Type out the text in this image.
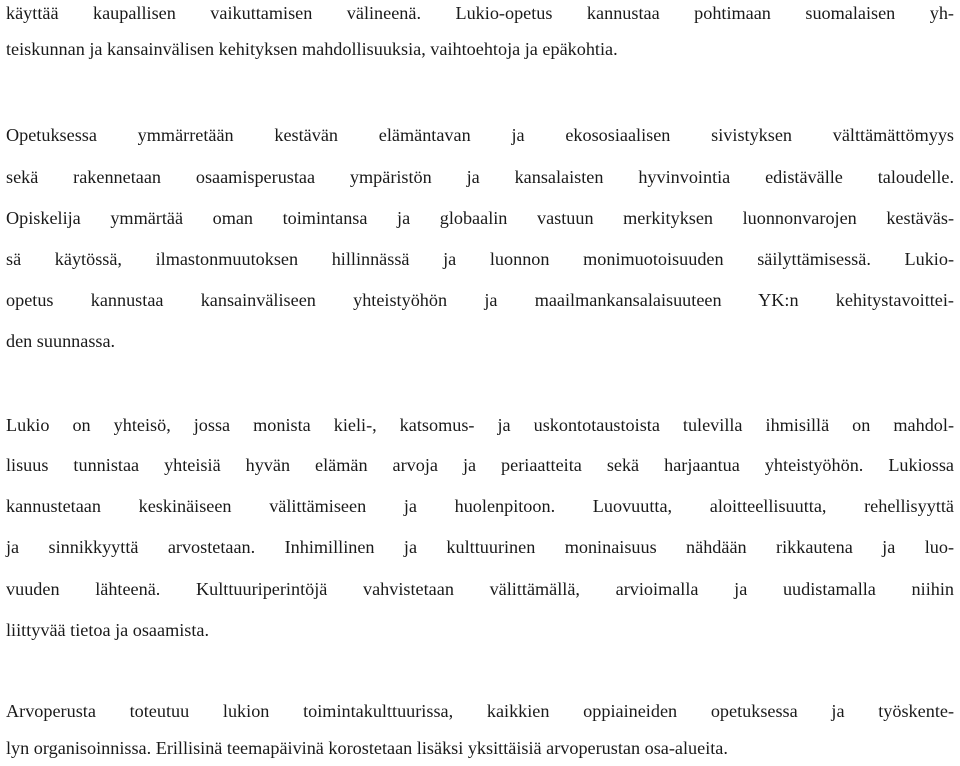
käyttää kaupallisen vaikuttamisen välineenä. Lukio-opetus kannustaa pohtimaan suomalaisen yh-
teiskunnan ja kansainvälisen kehityksen mahdollisuuksia, vaihtoehtoja ja epäkohtia.
Opetuksessa ymmärretään kestävän elämäntavan ja ekososiaalisen sivistyksen välttämättömyys
sekä rakennetaan osaamisperustaa ympäristön ja kansalaisten hyvinvointia edistävälle taloudelle.
Opiskelija ymmärtää oman toimintansa ja globaalin vastuun merkityksen luonnonvarojen kestäväs-
sä käytössä, ilmastonmuutoksen hillinnässä ja luonnon monimuotoisuuden säilyttämisessä. Lukio-
opetus kannustaa kansainväliseen yhteistyöhön ja maailmankansalaisuuteen YK:n kehitystavoittei-
den suunnassa.
Lukio on yhteisö, jossa monista kieli-, katsomus- ja uskontotaustoista tulevilla ihmisillä on mahdol-
lisuus tunnistaa yhteisiä hyvän elämän arvoja ja periaatteita sekä harjaantua yhteistyöhön. Lukiossa
kannustetaan keskinäiseen välittämiseen ja huolenpitoon. Luovuutta, aloitteellisuutta, rehellisyyttä
ja sinnikkyyttä arvostetaan. Inhimillinen ja kulttuurinen moninaisuus nähdään rikkautena ja luo-
vuuden lähteenä. Kulttuuriperintöjä vahvistetaan välittämällä, arvioimalla ja uudistamalla niihin
liittyvää tietoa ja osaamista.
Arvoperusta toteutuu lukion toimintakulttuurissa, kaikkien oppiaineiden opetuksessa ja työskente-
lyn organisoinnissa. Erillisinä teemapäivinä korostetaan lisäksi yksittäisiä arvoperustan osa-alueita.
